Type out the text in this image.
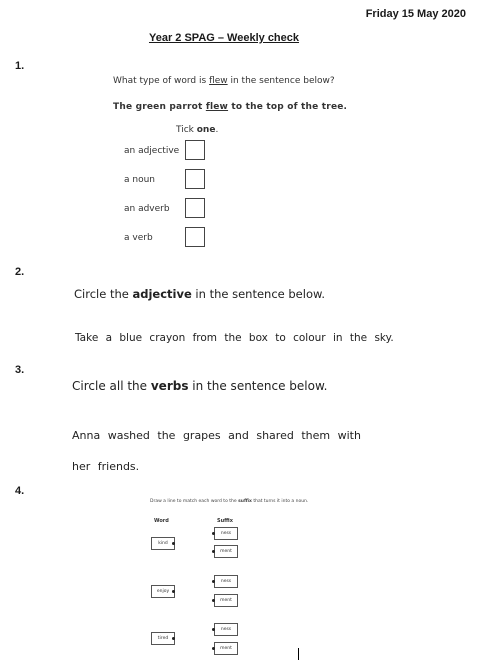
Friday 15 May 2020
Year 2 SPAG – Weekly check
1.
What type of word is flew in the sentence below?
The green parrot flew to the top of the tree.
Tick one.
an adjective
a noun
an adverb
a verb
2.
Circle the adjective in the sentence below.
Take a blue crayon from the box to colour in the sky.
3.
Circle all the verbs in the sentence below.
Anna washed the grapes and shared them with
her friends.
4.
Draw a line to match each word to the suffix that turns it into a noun.
Word	Suffix
kind
enjoy
tired
ness
ment
ness
ment
ness
ment
